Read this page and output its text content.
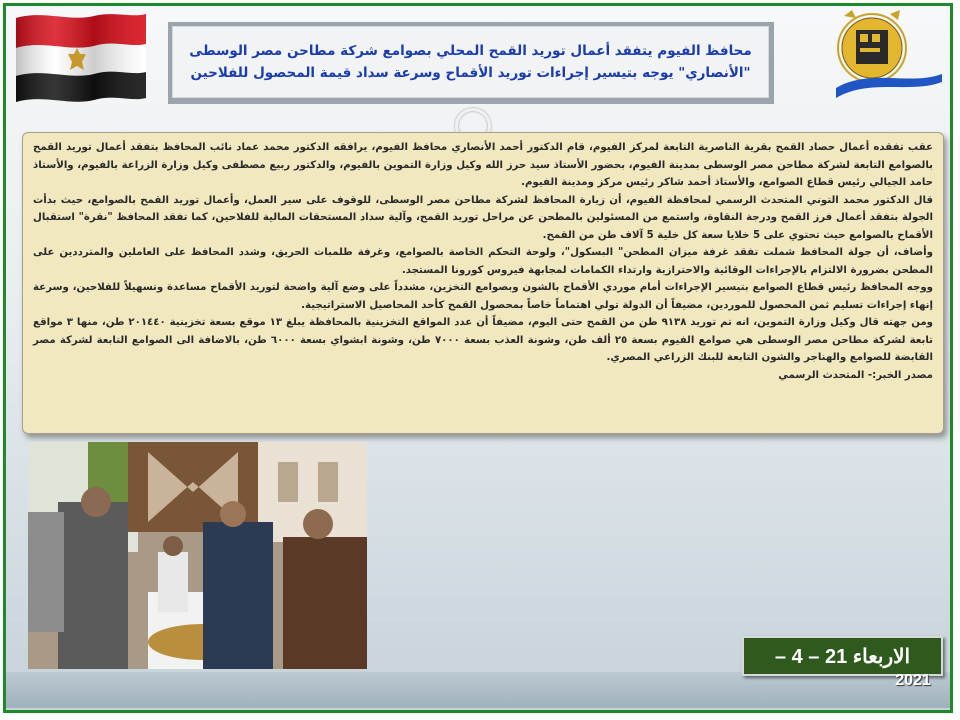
محافظ الفيوم يتفقد أعمال توريد القمح المحلي بصوامع شركة مطاحن مصر الوسطى
"الأنصاري" يوجه بتيسير إجراءات توريد الأقماح وسرعة سداد قيمة المحصول للفلاحين

عقب تفقده أعمال حصاد القمح بقرية الناصرية التابعة لمركز الفيوم، قام الدكتور أحمد الأنصاري محافظ الفيوم، يرافقه الدكتور محمد عماد نائب المحافظ بتفقد أعمال توريد القمح بالصوامع التابعة لشركة مطاحن مصر الوسطى بمدينة الفيوم، بحضور الأستاذ سيد حرز الله وكيل وزارة التموين بالفيوم، والدكتور ربيع مصطفى وكيل وزارة الزراعة بالفيوم، والأستاذ حامد الجيالي رئيس قطاع الصوامع، والأستاذ أحمد شاكر رئيس مركز ومدينة الفيوم.

قال الدكتور محمد التوني المتحدث الرسمي لمحافظة الفيوم، أن زيارة المحافظ لشركة مطاحن مصر الوسطى، للوقوف على سير العمل، وأعمال توريد القمح بالصوامع، حيث بدأت الجولة بتفقد أعمال فرز القمح ودرجة النقاوة، واستمع من المسئولين بالمطحن عن مراحل توريد القمح، وآلية سداد المستحقات المالية للفلاحين، كما تفقد المحافظ "نقرة" استقبال الأقماح بالصوامع حيث تحتوي على 5 خلايا سعة كل خلية 5 آلاف طن من القمح.

وأضاف، أن جولة المحافظ شملت تفقد غرفة ميزان المطحن" البسكول"، ولوحة التحكم الخاصة بالصوامع، وغرفة طلمبات الحريق، وشدد المحافظ على العاملين والمترددين على المطحن بضرورة الالتزام بالإجراءات الوقائية والاحترازية وارتداء الكمامات لمجابهة فيروس كورونا المستجد.

ووجه المحافظ رئيس قطاع الصوامع بتيسير الإجراءات أمام موردي الأقماح بالشون وبصوامع التخزين، مشدداً على وضع آلية واضحة لتوريد الأقماح مساعدة وتسهيلاً للفلاحين، وسرعة إنهاء إجراءات تسليم ثمن المحصول للموردين، مضيفاً أن الدولة تولي اهتماماً خاصاً بمحصول القمح كأحد المحاصيل الاستراتيجية.

ومن جهته قال وكيل وزارة التموين، انه تم توريد ٩١٣٨ طن من القمح حتى اليوم، مضيفاً أن عدد المواقع التخزينية بالمحافظة يبلغ ١٣ موقع بسعة تخزينية ٢٠١٤٤٠ طن، منها ٣ مواقع تابعة لشركة مطاحن مصر الوسطى هي صوامع الفيوم بسعة ٢٥ ألف طن، وشونة العذب بسعة ٧٠٠٠ طن، وشونة ابشواي بسعة ٦٠٠٠ طن، بالاضافة الى الصوامع التابعة لشركة مصر القابضة للصوامع والهناجر والشون التابعة للبنك الزراعي المصري.

مصدر الخبر:- المتحدث الرسمي

الاربعاء 21 – 4 –
2021
